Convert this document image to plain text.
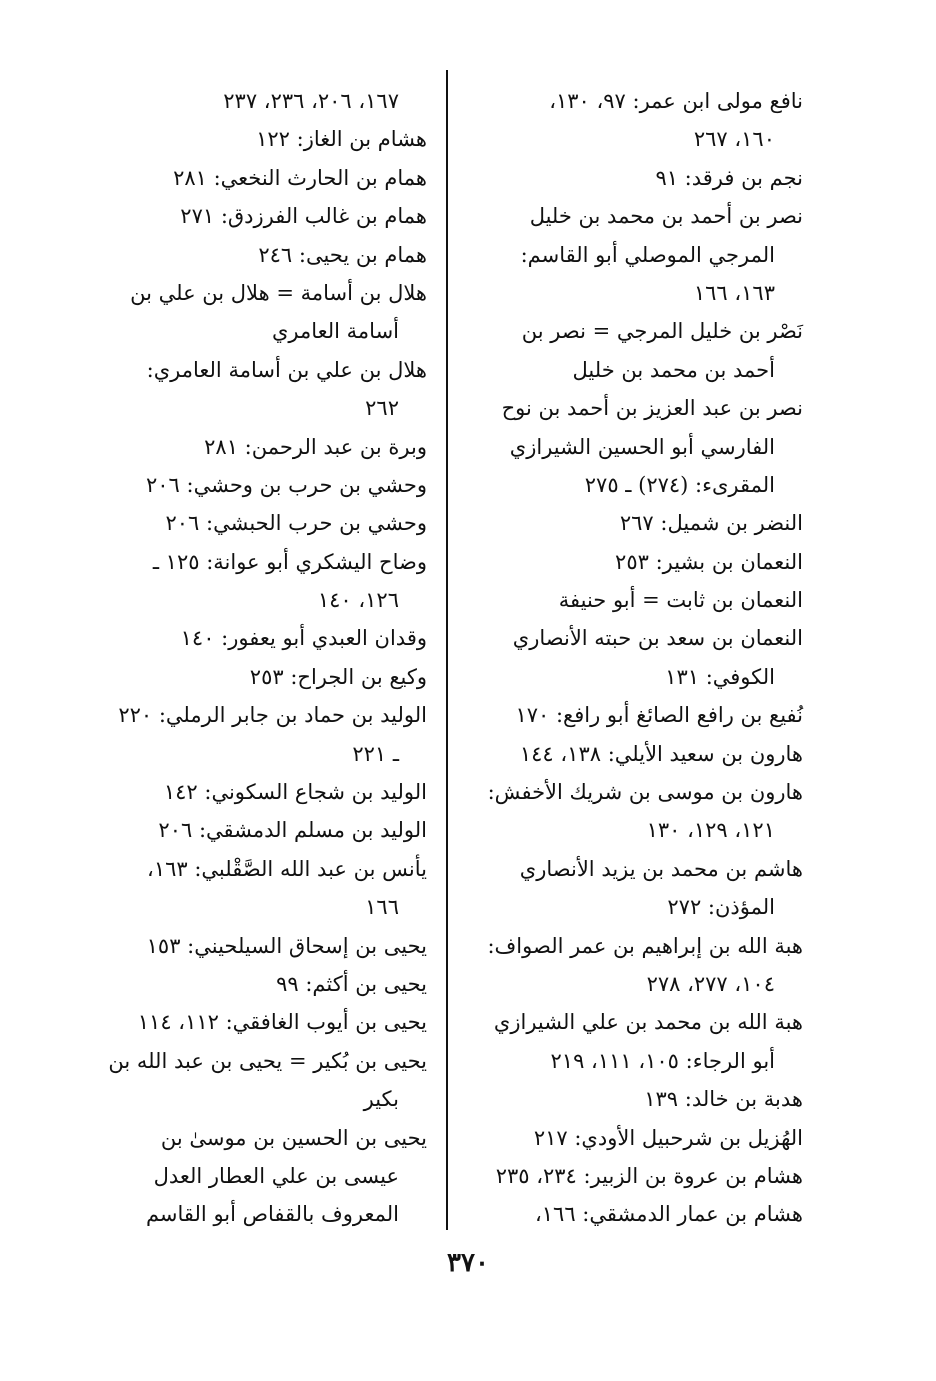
نافع مولى ابن عمر: ٩٧، ١٣٠،
١٦٠، ٢٦٧
نجم بن فرقد: ٩١
نصر بن أحمد بن محمد بن خليل
المرجي الموصلي أبو القاسم:
١٦٣، ١٦٦
نَصْر بن خليل المرجي = نصر بن
أحمد بن محمد بن خليل
نصر بن عبد العزيز بن أحمد بن نوح
الفارسي أبو الحسين الشيرازي
المقرىء: (٢٧٤) ـ ٢٧٥
النضر بن شميل: ٢٦٧
النعمان بن بشير: ٢٥٣
النعمان بن ثابت = أبو حنيفة
النعمان بن سعد بن حبته الأنصاري
الكوفي: ١٣١
نُفيع بن رافع الصائغ أبو رافع: ١٧٠
هارون بن سعيد الأيلي: ١٣٨، ١٤٤
هارون بن موسى بن شريك الأخفش:
١٢١، ١٢٩، ١٣٠
هاشم بن محمد بن يزيد الأنصاري
المؤذن: ٢٧٢
هبة الله بن إبراهيم بن عمر الصواف:
١٠٤، ٢٧٧، ٢٧٨
هبة الله بن محمد بن علي الشيرازي
أبو الرجاء: ١٠٥، ١١١، ٢١٩
هدبة بن خالد: ١٣٩
الهُزيل بن شرحبيل الأودي: ٢١٧
هشام بن عروة بن الزبير: ٢٣٤، ٢٣٥
هشام بن عمار الدمشقي: ١٦٦،
١٦٧، ٢٠٦، ٢٣٦، ٢٣٧
هشام بن الغاز: ١٢٢
همام بن الحارث النخعي: ٢٨١
همام بن غالب الفرزدق: ٢٧١
همام بن يحيى: ٢٤٦
هلال بن أسامة = هلال بن علي بن
أسامة العامري
هلال بن علي بن أسامة العامري:
٢٦٢
وبرة بن عبد الرحمن: ٢٨١
وحشي بن حرب بن وحشي: ٢٠٦
وحشي بن حرب الحبشي: ٢٠٦
وضاح اليشكري أبو عوانة: ١٢٥ ـ
١٢٦، ١٤٠
وقدان العبدي أبو يعفور: ١٤٠
وكيع بن الجراح: ٢٥٣
الوليد بن حماد بن جابر الرملي: ٢٢٠
ـ ٢٢١
الوليد بن شجاع السكوني: ١٤٢
الوليد بن مسلم الدمشقي: ٢٠٦
يأنس بن عبد الله الصَّقْلبي: ١٦٣،
١٦٦
يحيى بن إسحاق السيلحيني: ١٥٣
يحيى بن أكثم: ٩٩
يحيى بن أيوب الغافقي: ١١٢، ١١٤
يحيى بن بُكير = يحيى بن عبد الله بن
بكير
يحيى بن الحسين بن موسىٰ بن
عيسى بن علي العطار العدل
المعروف بالقفاص أبو القاسم
٣٧٠
